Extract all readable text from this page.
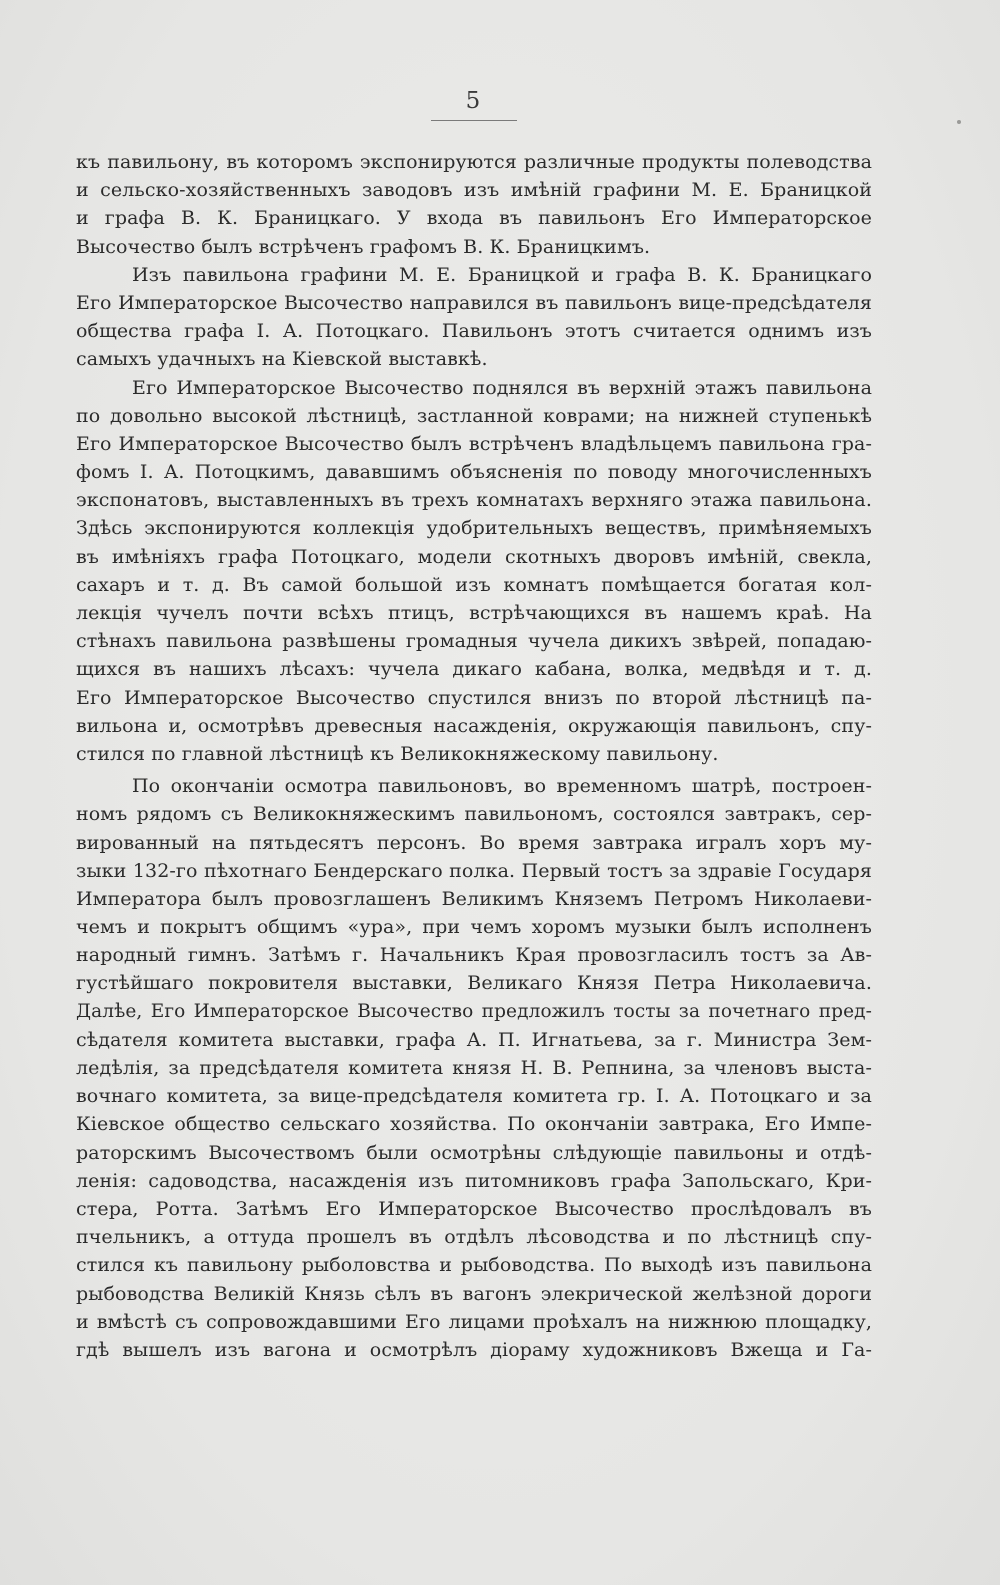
5
къ павильону, въ которомъ экспонируются различные продукты полеводства
и сельско-хозяйственныхъ заводовъ изъ имѣній графини М. Е. Браницкой
и графа В. К. Браницкаго. У входа въ павильонъ Его Императорское
Высочество былъ встрѣченъ графомъ В. К. Браницкимъ.
Изъ павильона графини М. Е. Браницкой и графа В. К. Браницкаго
Его Императорское Высочество направился въ павильонъ вице-предсѣдателя
общества графа І. А. Потоцкаго. Павильонъ этотъ считается однимъ изъ
самыхъ удачныхъ на Кіевской выставкѣ.
Его Императорское Высочество поднялся въ верхній этажъ павильона
по довольно высокой лѣстницѣ, застланной коврами; на нижней ступенькѣ
Его Императорское Высочество былъ встрѣченъ владѣльцемъ павильона гра-
фомъ І. А. Потоцкимъ, дававшимъ объясненія по поводу многочисленныхъ
экспонатовъ, выставленныхъ въ трехъ комнатахъ верхняго этажа павильона.
Здѣсь экспонируются коллекція удобрительныхъ веществъ, примѣняемыхъ
въ имѣніяхъ графа Потоцкаго, модели скотныхъ дворовъ имѣній, свекла,
сахаръ и т. д. Въ самой большой изъ комнатъ помѣщается богатая кол-
лекція чучелъ почти всѣхъ птицъ, встрѣчающихся въ нашемъ краѣ. На
стѣнахъ павильона развѣшены громадныя чучела дикихъ звѣрей, попадаю-
щихся въ нашихъ лѣсахъ: чучела дикаго кабана, волка, медвѣдя и т. д.
Его Императорское Высочество спустился внизъ по второй лѣстницѣ па-
вильона и, осмотрѣвъ древесныя насажденія, окружающія павильонъ, спу-
стился по главной лѣстницѣ къ Великокняжескому павильону.
По окончаніи осмотра павильоновъ, во временномъ шатрѣ, построен-
номъ рядомъ съ Великокняжескимъ павильономъ, состоялся завтракъ, сер-
вированный на пятьдесятъ персонъ. Во время завтрака игралъ хоръ му-
зыки 132-го пѣхотнаго Бендерскаго полка. Первый тостъ за здравіе Государя
Императора былъ провозглашенъ Великимъ Княземъ Петромъ Николаеви-
чемъ и покрытъ общимъ «ура», при чемъ хоромъ музыки былъ исполненъ
народный гимнъ. Затѣмъ г. Начальникъ Края провозгласилъ тостъ за Ав-
густѣйшаго покровителя выставки, Великаго Князя Петра Николаевича.
Далѣе, Его Императорское Высочество предложилъ тосты за почетнаго пред-
сѣдателя комитета выставки, графа А. П. Игнатьева, за г. Министра Зем-
ледѣлія, за предсѣдателя комитета князя Н. В. Репнина, за членовъ выста-
вочнаго комитета, за вице-предсѣдателя комитета гр. І. А. Потоцкаго и за
Кіевское общество сельскаго хозяйства. По окончаніи завтрака, Его Импе-
раторскимъ Высочествомъ были осмотрѣны слѣдующіе павильоны и отдѣ-
ленія: садоводства, насажденія изъ питомниковъ графа Запольскаго, Кри-
стера, Ротта. Затѣмъ Его Императорское Высочество прослѣдовалъ въ
пчельникъ, а оттуда прошелъ въ отдѣлъ лѣсоводства и по лѣстницѣ спу-
стился къ павильону рыболовства и рыбоводства. По выходѣ изъ павильона
рыбоводства Великій Князь сѣлъ въ вагонъ элекрической желѣзной дороги
и вмѣстѣ съ сопровождавшими Его лицами проѣхалъ на нижнюю площадку,
гдѣ вышелъ изъ вагона и осмотрѣлъ діораму художниковъ Вжеща и Га-
